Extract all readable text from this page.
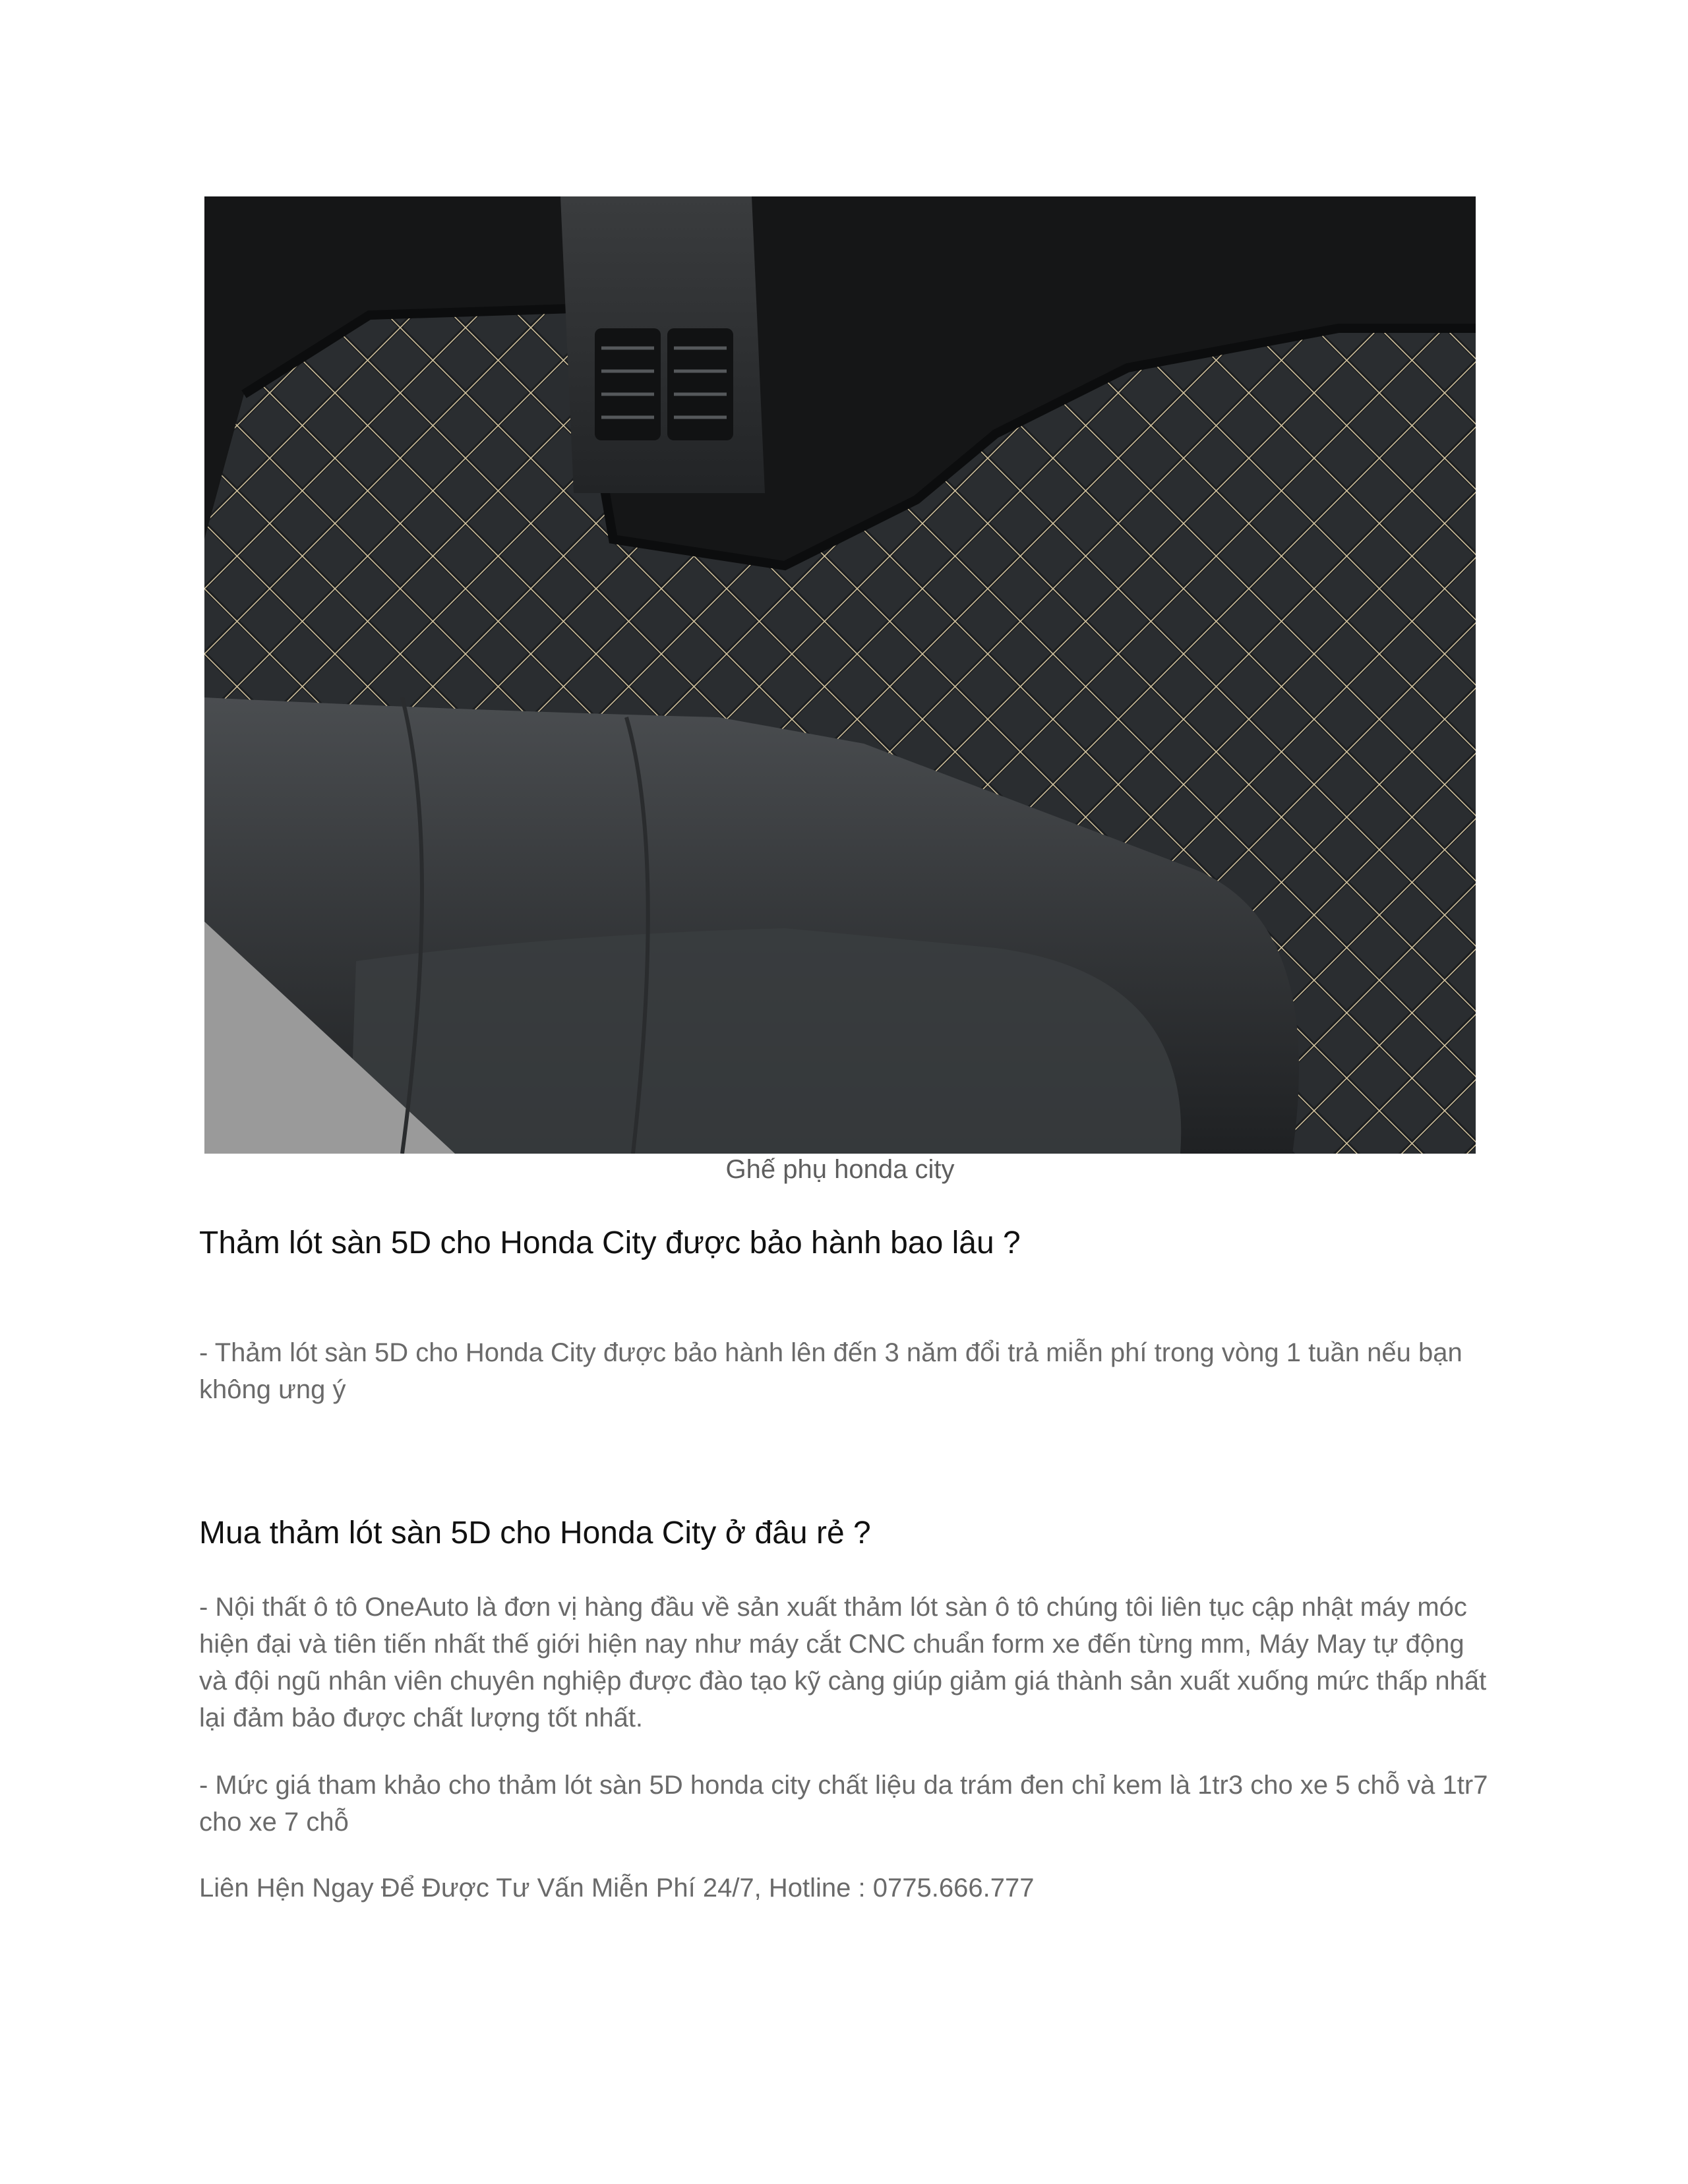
Ghế phụ honda city
Thảm lót sàn 5D cho Honda City được bảo hành bao lâu ?

- Thảm lót sàn 5D cho Honda City được bảo hành lên đến 3 năm đổi trả miễn phí trong vòng 1 tuần nếu bạn không ưng ý

Mua thảm lót sàn 5D cho Honda City ở đâu rẻ ?

- Nội thất ô tô OneAuto là đơn vị hàng đầu về sản xuất thảm lót sàn ô tô chúng tôi liên tục cập nhật máy móc hiện đại và tiên tiến nhất thế giới hiện nay như máy cắt CNC chuẩn form xe đến từng mm, Máy May tự động và đội ngũ nhân viên chuyên nghiệp được đào tạo kỹ càng giúp giảm giá thành sản xuất xuống mức thấp nhất lại đảm bảo được chất lượng tốt nhất.

- Mức giá tham khảo cho thảm lót sàn 5D honda city chất liệu da trám đen chỉ kem là 1tr3 cho xe 5 chỗ và 1tr7 cho xe 7 chỗ

Liên Hện Ngay Để Được Tư Vấn Miễn Phí 24/7, Hotline : 0775.666.777
